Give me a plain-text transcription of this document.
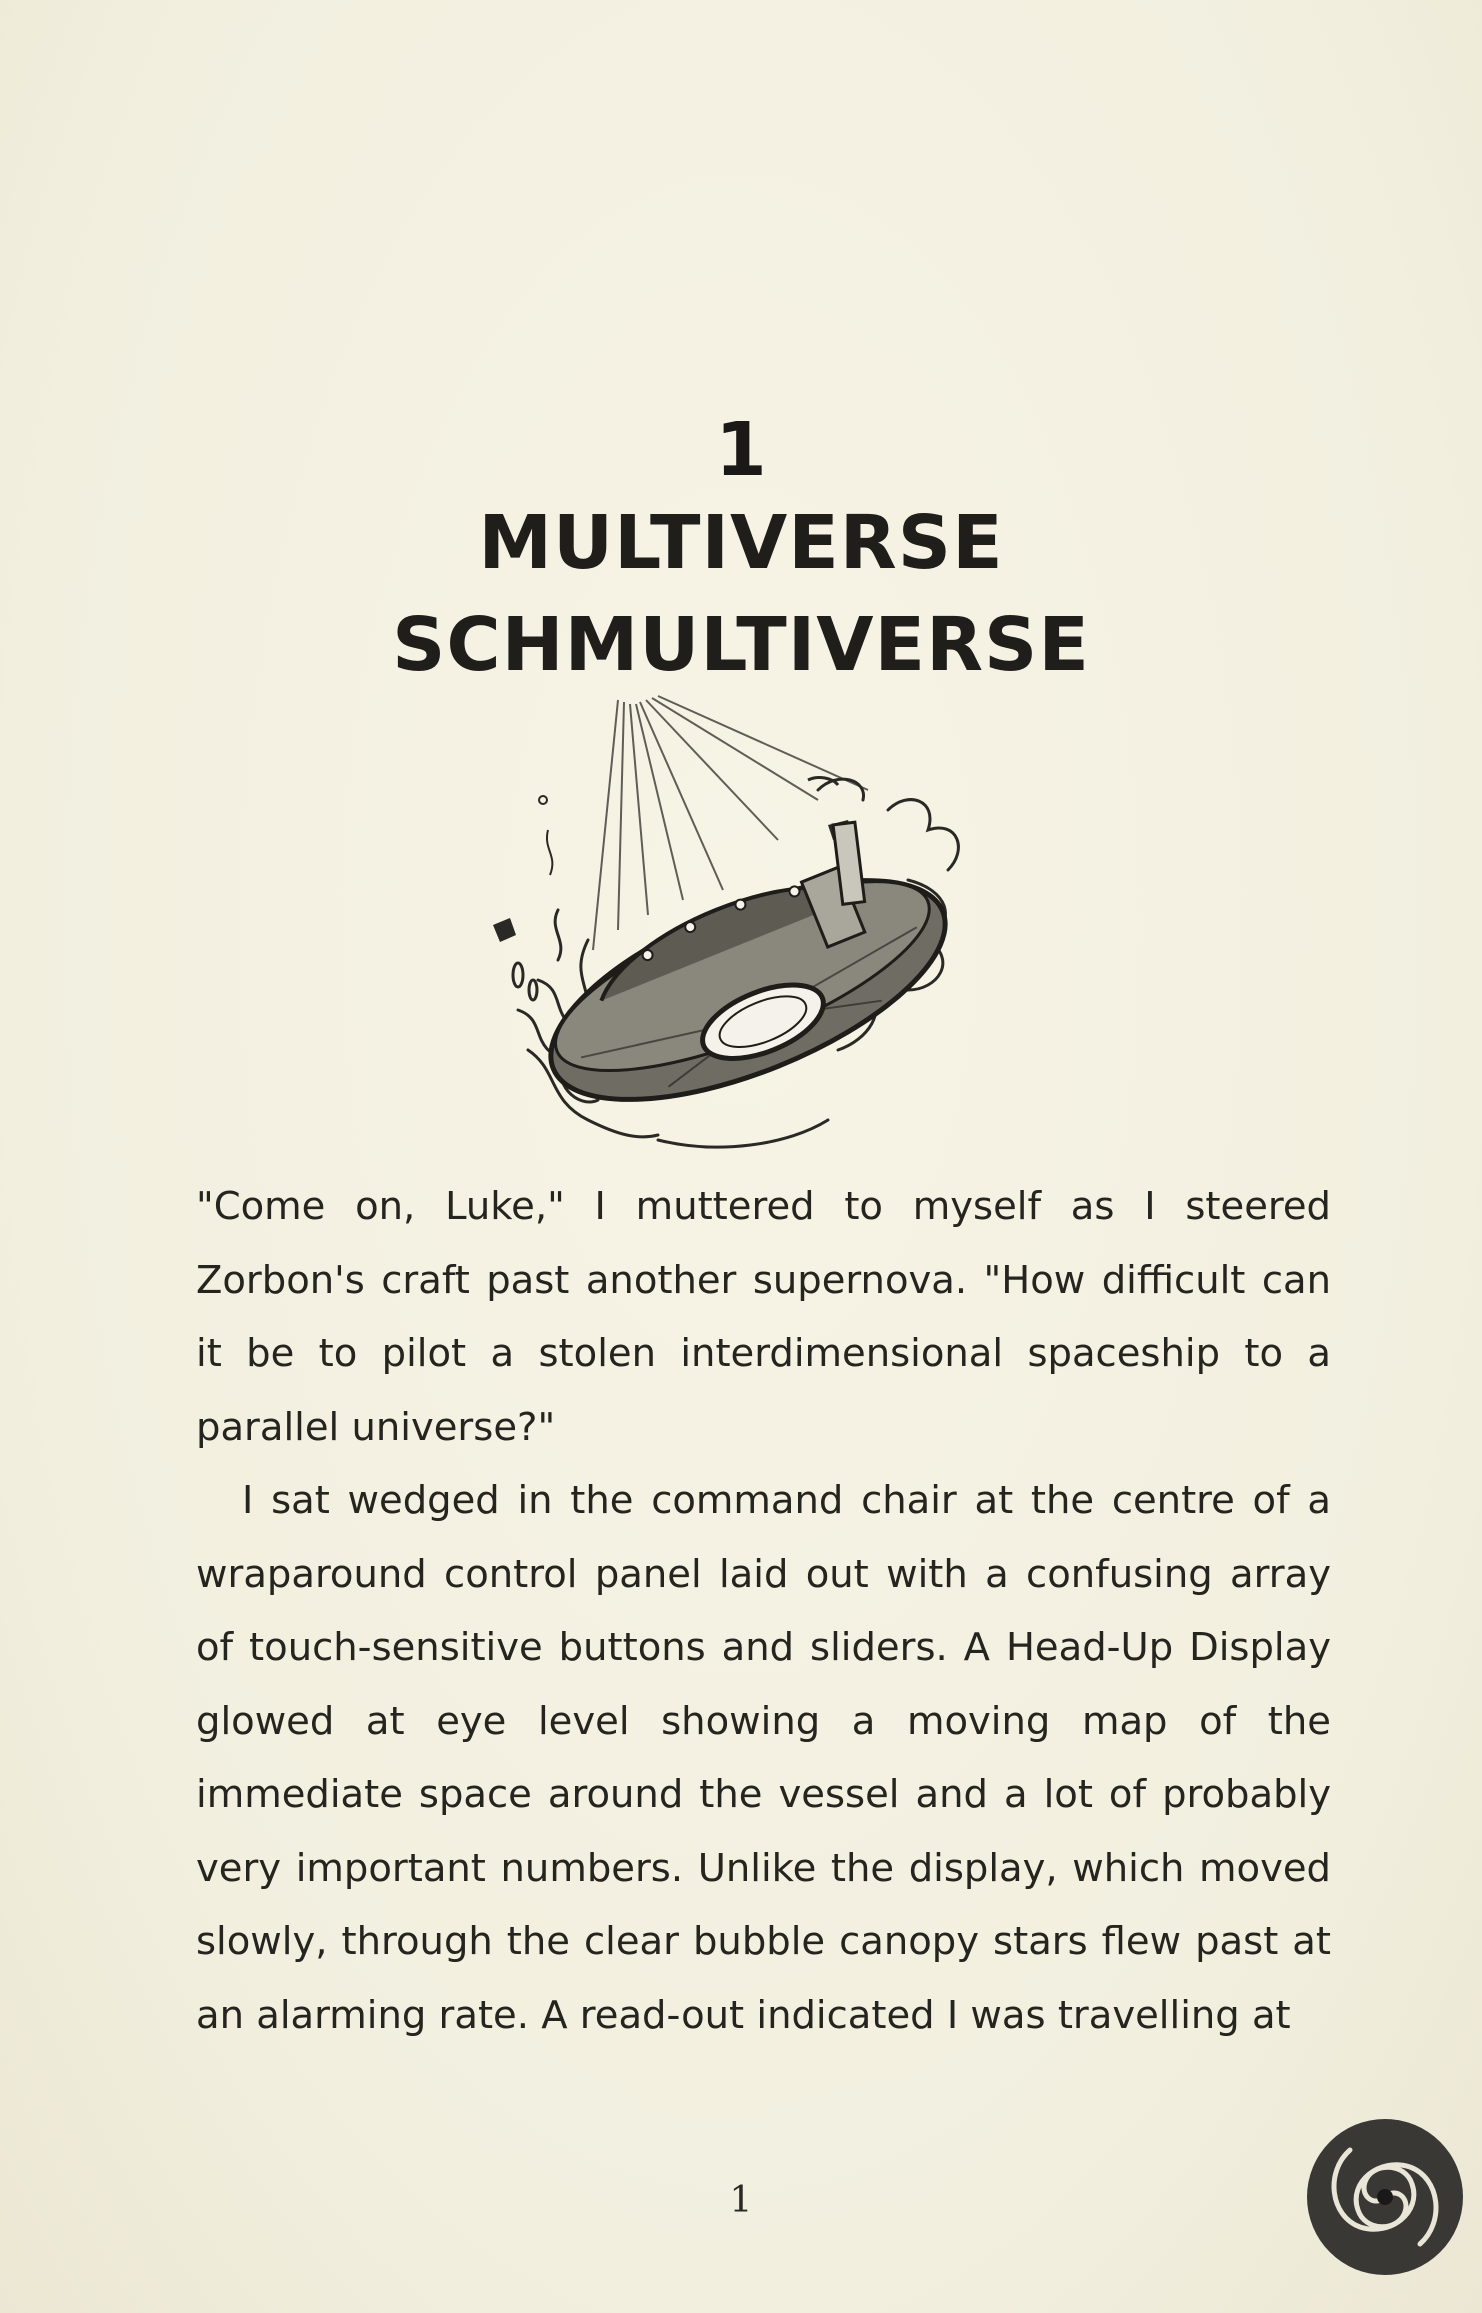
1
MULTIVERSE
SCHMULTIVERSE

"Come on, Luke," I muttered to myself as I steered Zorbon's craft past another supernova. "How difficult can it be to pilot a stolen interdimensional spaceship to a parallel universe?"

I sat wedged in the command chair at the centre of a wraparound control panel laid out with a confusing array of touch-sensitive buttons and sliders. A Head-Up Display glowed at eye level showing a moving map of the immediate space around the vessel and a lot of probably very important numbers. Unlike the display, which moved slowly, through the clear bubble canopy stars flew past at an alarming rate. A read-out indicated I was travelling at

1
